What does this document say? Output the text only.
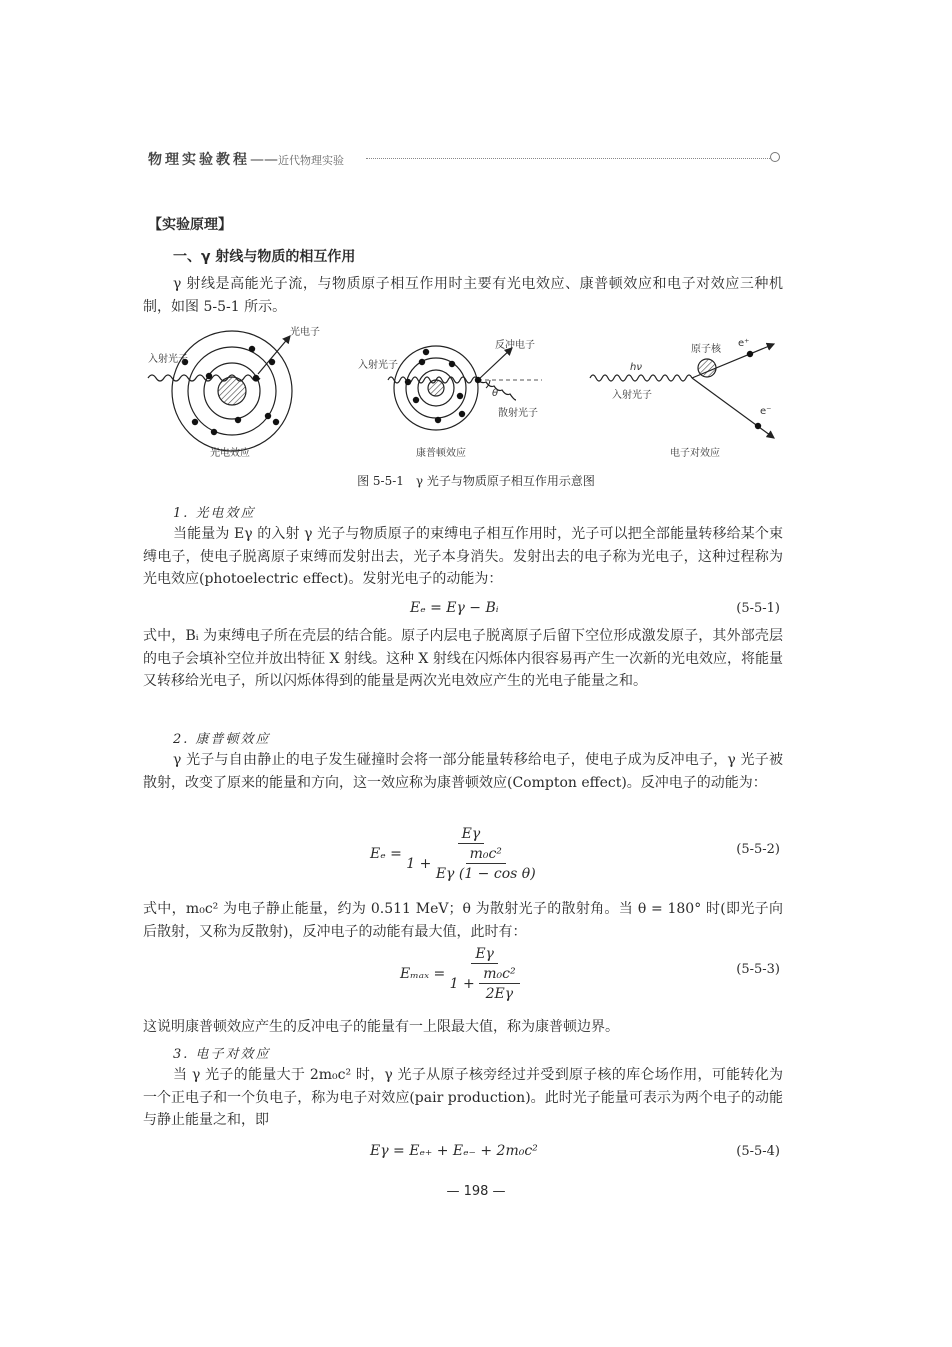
物理实验教程——近代物理实验
【实验原理】
一、γ 射线与物质的相互作用
γ 射线是高能光子流，与物质原子相互作用时主要有光电效应、康普顿效应和电子对效应三种机制，如图 5-5-1 所示。
入射光子
光电子
入射光子
反冲电子
θ
散射光子
原子核
hν
入射光子
e⁺
e⁻
光电效应	康普顿效应	电子对效应
图 5-5-1　γ 光子与物质原子相互作用示意图
1. 光电效应
当能量为 Eγ 的入射 γ 光子与物质原子的束缚电子相互作用时，光子可以把全部能量转移给某个束缚电子，使电子脱离原子束缚而发射出去，光子本身消失。发射出去的电子称为光电子，这种过程称为光电效应(photoelectric effect)。发射光电子的动能为：
Eₑ = Eγ − Bᵢ	(5-5-1)
式中，Bᵢ 为束缚电子所在壳层的结合能。原子内层电子脱离原子后留下空位形成激发原子，其外部壳层的电子会填补空位并放出特征 X 射线。这种 X 射线在闪烁体内很容易再产生一次新的光电效应，将能量又转移给光电子，所以闪烁体得到的能量是两次光电效应产生的光电子能量之和。
2. 康普顿效应
γ 光子与自由静止的电子发生碰撞时会将一部分能量转移给电子，使电子成为反冲电子，γ 光子被散射，改变了原来的能量和方向，这一效应称为康普顿效应(Compton effect)。反冲电子的动能为：
$E_e = \frac{E\gamma}{1 + \frac{\text{m₀c²}}{\text{Eγ (1 − cos θ)}}}$	(5-5-2)
式中，m₀c² 为电子静止能量，约为 0.511 MeV；θ 为散射光子的散射角。当 θ = 180° 时(即光子向后散射，又称为反散射)，反冲电子的动能有最大值，此时有：
$E_{max} = \frac{E\gamma}{1 + \frac{\text{m₀c²}}{2E\gamma}}$	(5-5-3)
这说明康普顿效应产生的反冲电子的能量有一上限最大值，称为康普顿边界。
3. 电子对效应
当 γ 光子的能量大于 2m₀c² 时，γ 光子从原子核旁经过并受到原子核的库仑场作用，可能转化为一个正电子和一个负电子，称为电子对效应(pair production)。此时光子能量可表示为两个电子的动能与静止能量之和，即
Eγ = Eₑ₊ + Eₑ₋ + 2m₀c²	(5-5-4)
— 198 —
